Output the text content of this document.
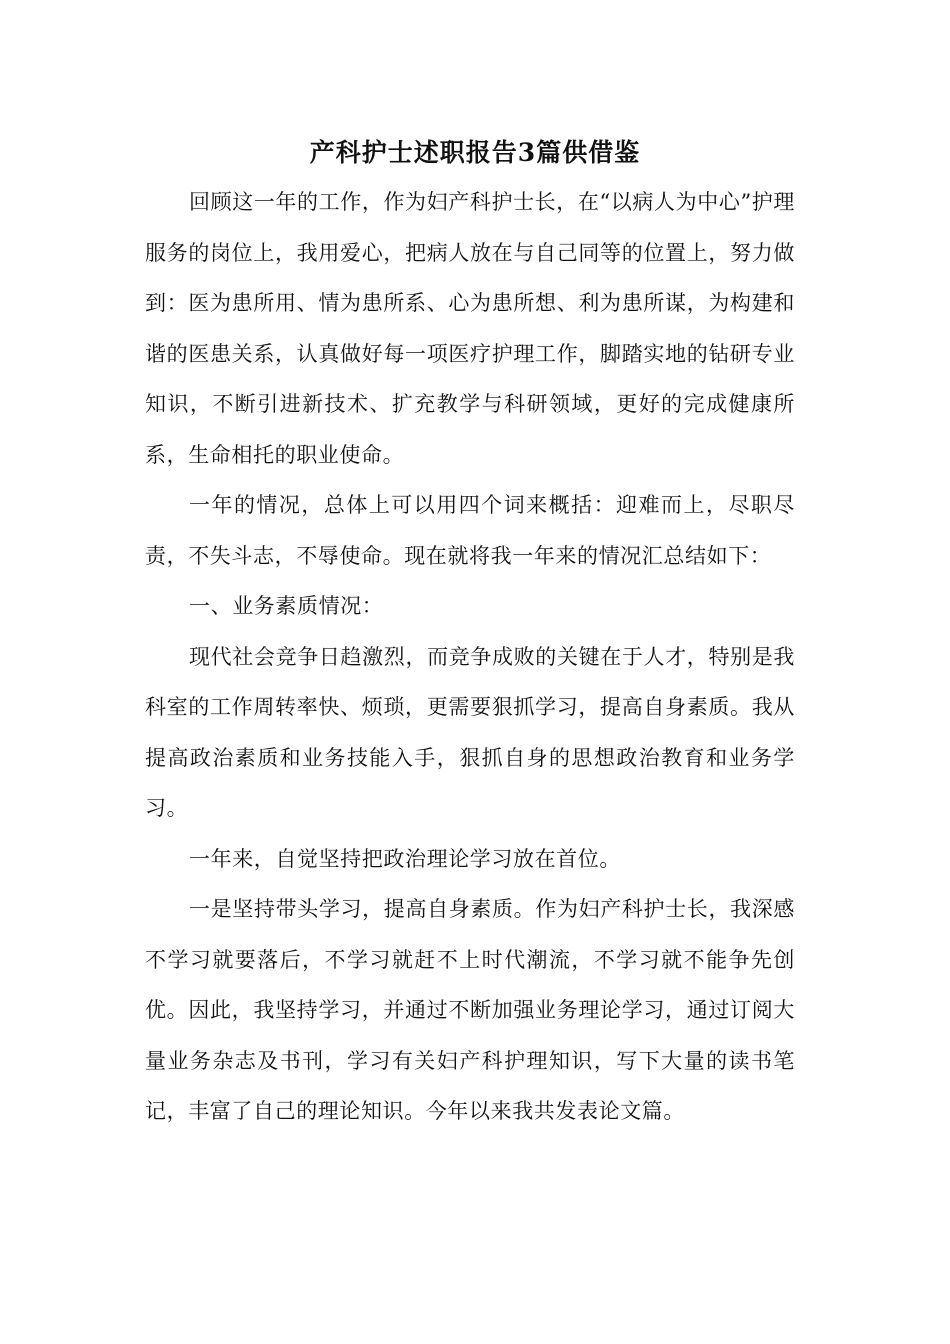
产科护士述职报告3篇供借鉴

回顾这一年的工作，作为妇产科护士长，在“以病人为中心”护理服务的岗位上，我用爱心，把病人放在与自己同等的位置上，努力做到：医为患所用、情为患所系、心为患所想、利为患所谋，为构建和谐的医患关系，认真做好每一项医疗护理工作，脚踏实地的钻研专业知识，不断引进新技术、扩充教学与科研领域，更好的完成健康所系，生命相托的职业使命。

一年的情况，总体上可以用四个词来概括：迎难而上，尽职尽责，不失斗志，不辱使命。现在就将我一年来的情况汇总结如下：

一、业务素质情况：

现代社会竞争日趋激烈，而竞争成败的关键在于人才，特别是我科室的工作周转率快、烦琐，更需要狠抓学习，提高自身素质。我从提高政治素质和业务技能入手，狠抓自身的思想政治教育和业务学习。

一年来，自觉坚持把政治理论学习放在首位。

一是坚持带头学习，提高自身素质。作为妇产科护士长，我深感不学习就要落后，不学习就赶不上时代潮流，不学习就不能争先创优。因此，我坚持学习，并通过不断加强业务理论学习，通过订阅大量业务杂志及书刊，学习有关妇产科护理知识，写下大量的读书笔记，丰富了自己的理论知识。今年以来我共发表论文篇。
